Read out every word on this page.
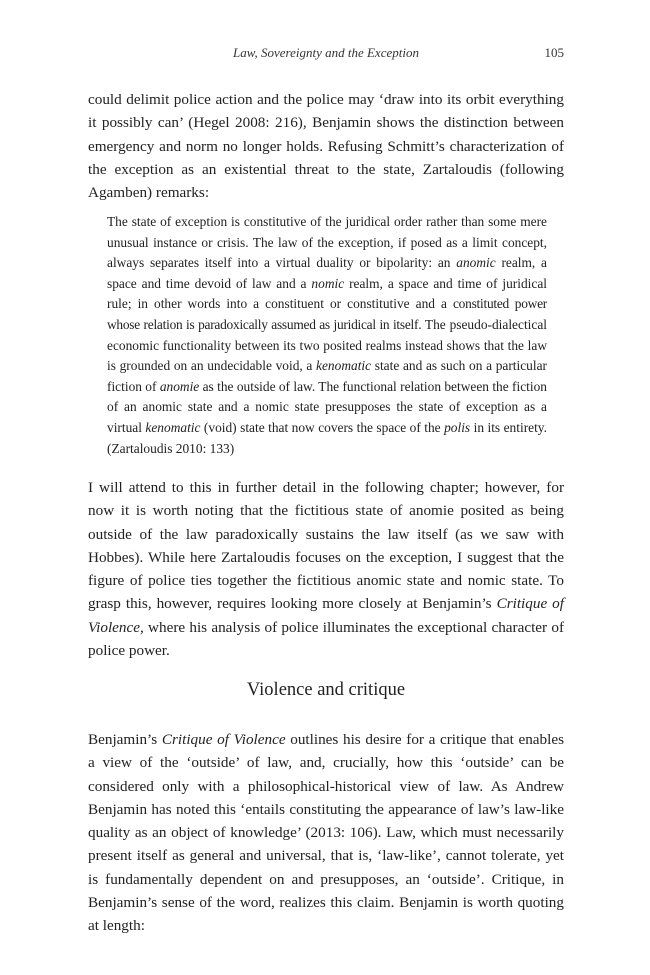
Law, Sovereignty and the Exception	105

could delimit police action and the police may ‘draw into its orbit everything it possibly can’ (Hegel 2008: 216), Benjamin shows the distinction between emergency and norm no longer holds. Refusing Schmitt’s characterization of the exception as an existential threat to the state, Zartaloudis (following Agamben) remarks:

The state of exception is constitutive of the juridical order rather than some mere unusual instance or crisis. The law of the exception, if posed as a limit concept, always separates itself into a virtual duality or bipolarity: an anomic realm, a space and time devoid of law and a nomic realm, a space and time of juridical rule; in other words into a constituent or constitutive and a constituted power whose relation is paradoxically assumed as juridical in itself. The pseudo-dialectical economic functionality between its two posited realms instead shows that the law is grounded on an undecidable void, a kenomatic state and as such on a particular fiction of anomie as the outside of law. The functional relation between the fiction of an anomic state and a nomic state presupposes the state of exception as a virtual kenomatic (void) state that now covers the space of the polis in its entirety. (Zartaloudis 2010: 133)

I will attend to this in further detail in the following chapter; however, for now it is worth noting that the fictitious state of anomie posited as being outside of the law paradoxically sustains the law itself (as we saw with Hobbes). While here Zartaloudis focuses on the exception, I suggest that the figure of police ties together the fictitious anomic state and nomic state. To grasp this, however, requires looking more closely at Benjamin’s Critique of Violence, where his analysis of police illuminates the exceptional character of police power.

Violence and critique

Benjamin’s Critique of Violence outlines his desire for a critique that enables a view of the ‘outside’ of law, and, crucially, how this ‘outside’ can be considered only with a philosophical-historical view of law. As Andrew Benjamin has noted this ‘entails constituting the appearance of law’s law-like quality as an object of knowledge’ (2013: 106). Law, which must necessarily present itself as general and universal, that is, ‘law-like’, cannot tolerate, yet is fundamentally dependent on and presupposes, an ‘outside’. Critique, in Benjamin’s sense of the word, realizes this claim. Benjamin is worth quoting at length:
